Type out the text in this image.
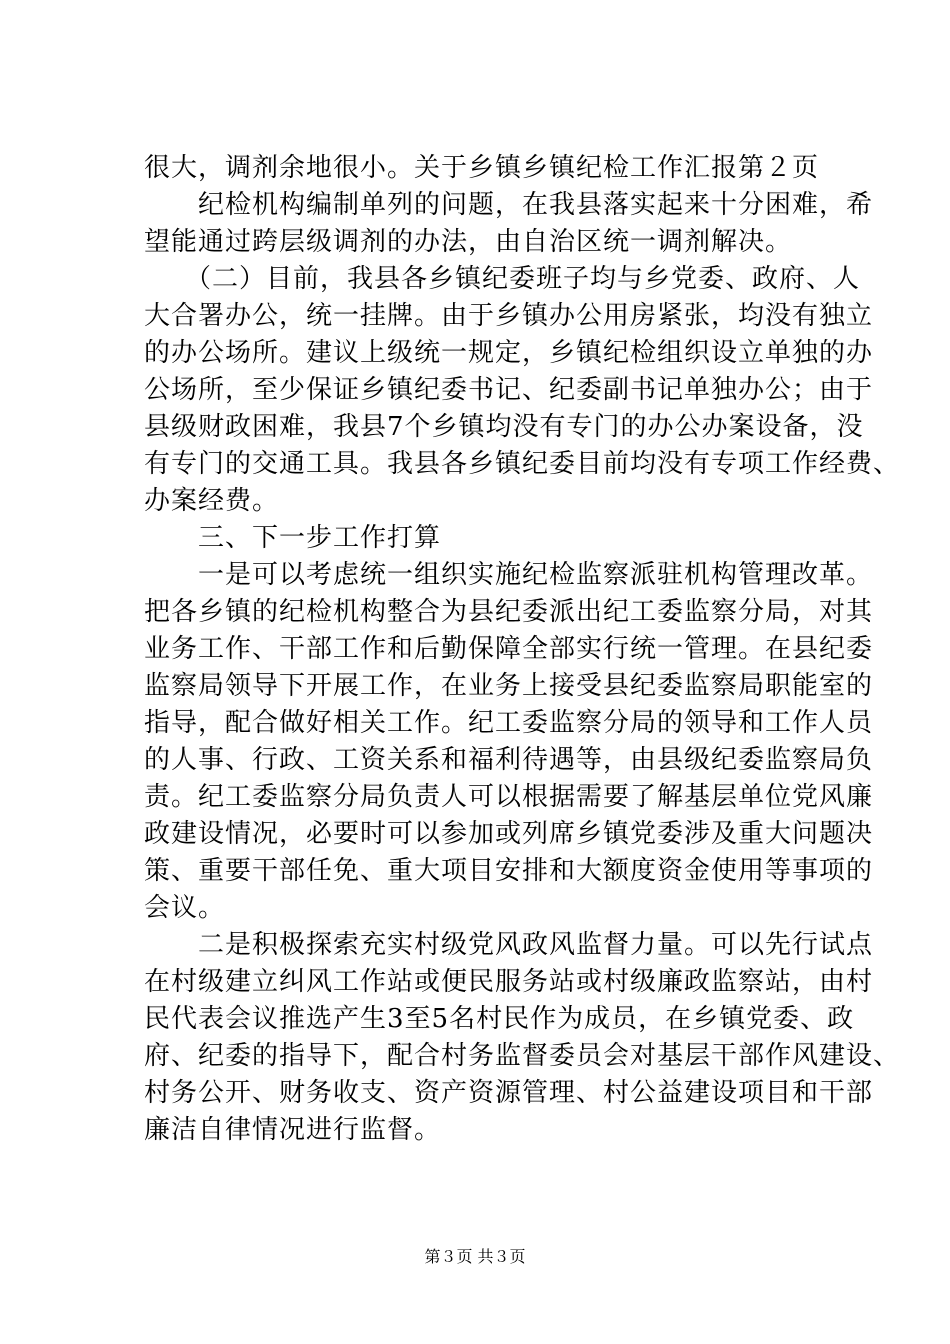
很大，调剂余地很小。关于乡镇乡镇纪检工作汇报第２页
　　纪检机构编制单列的问题，在我县落实起来十分困难，希
望能通过跨层级调剂的办法，由自治区统一调剂解决。
　　（二）目前，我县各乡镇纪委班子均与乡党委、政府、人
大合署办公，统一挂牌。由于乡镇办公用房紧张，均没有独立
的办公场所。建议上级统一规定，乡镇纪检组织设立单独的办
公场所，至少保证乡镇纪委书记、纪委副书记单独办公；由于
县级财政困难，我县7个乡镇均没有专门的办公办案设备，没
有专门的交通工具。我县各乡镇纪委目前均没有专项工作经费、
办案经费。
　　三、下一步工作打算
　　一是可以考虑统一组织实施纪检监察派驻机构管理改革。
把各乡镇的纪检机构整合为县纪委派出纪工委监察分局，对其
业务工作、干部工作和后勤保障全部实行统一管理。在县纪委
监察局领导下开展工作，在业务上接受县纪委监察局职能室的
指导，配合做好相关工作。纪工委监察分局的领导和工作人员
的人事、行政、工资关系和福利待遇等，由县级纪委监察局负
责。纪工委监察分局负责人可以根据需要了解基层单位党风廉
政建设情况，必要时可以参加或列席乡镇党委涉及重大问题决
策、重要干部任免、重大项目安排和大额度资金使用等事项的
会议。
　　二是积极探索充实村级党风政风监督力量。可以先行试点
在村级建立纠风工作站或便民服务站或村级廉政监察站，由村
民代表会议推选产生3至5名村民作为成员，在乡镇党委、政
府、纪委的指导下，配合村务监督委员会对基层干部作风建设、
村务公开、财务收支、资产资源管理、村公益建设项目和干部
廉洁自律情况进行监督。
第３页 共３页
